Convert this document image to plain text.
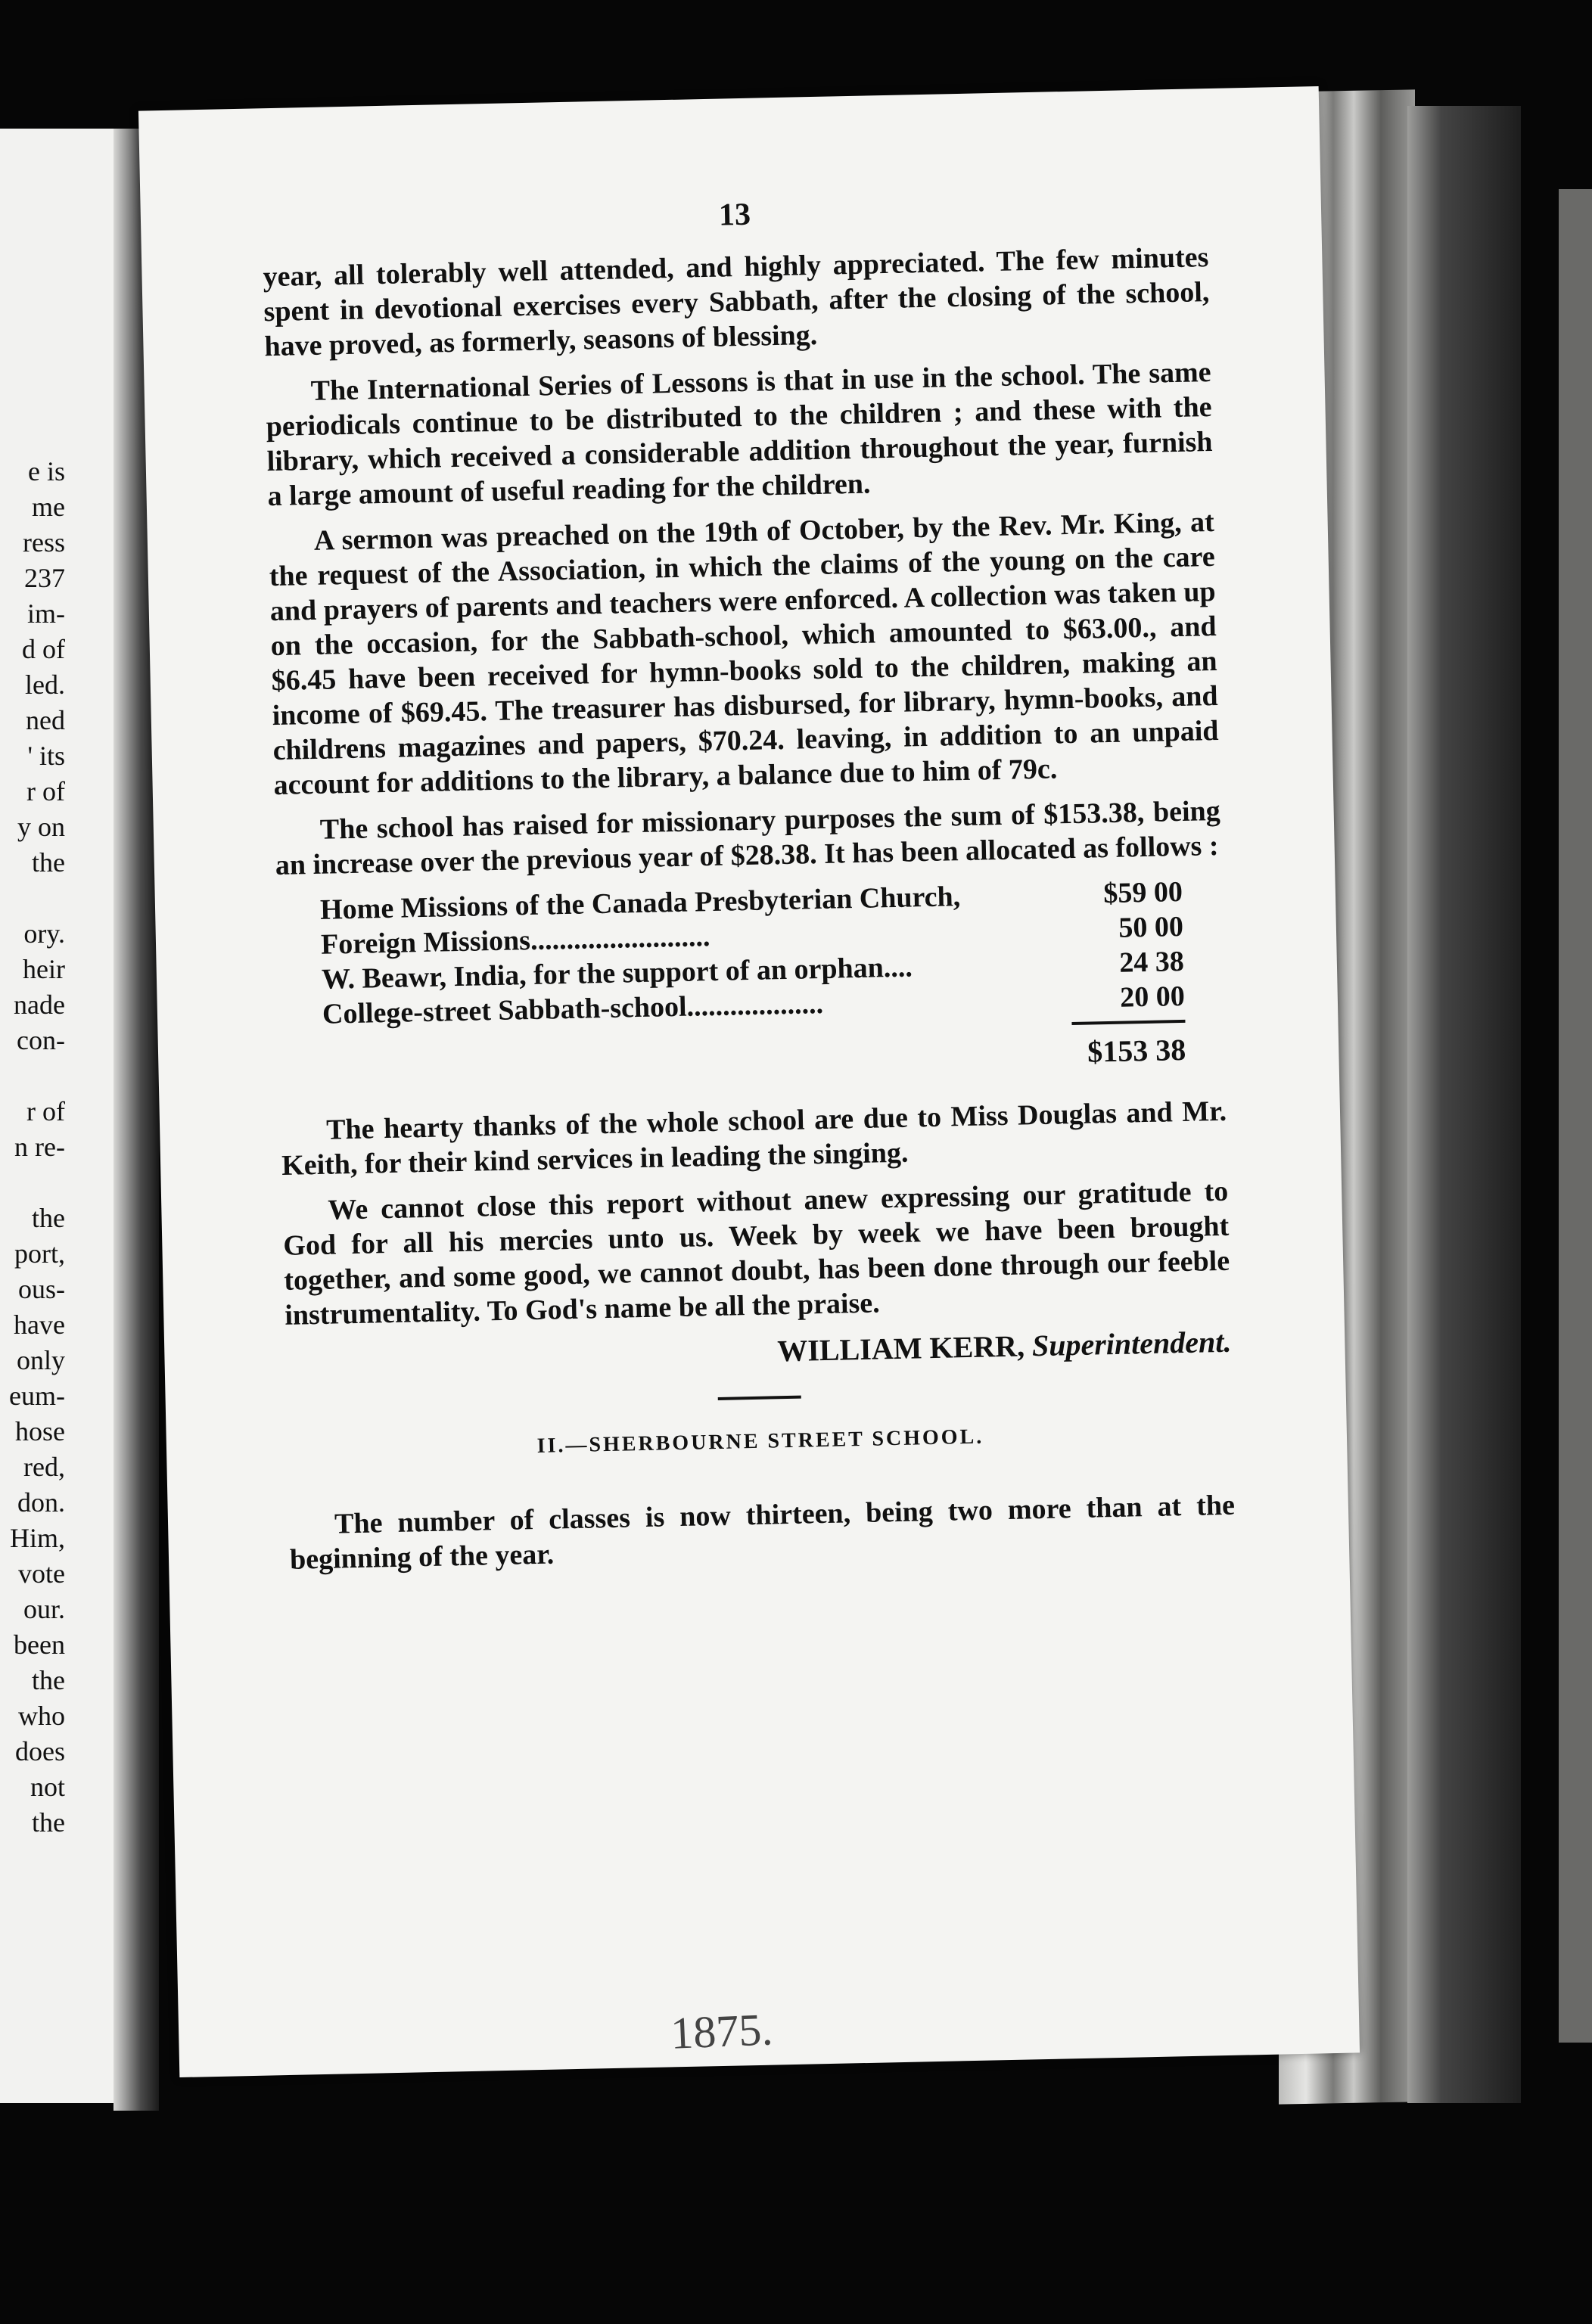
e is
me
ress
237
im-
d of
led.
ned
' its
r of
y on
the
ory.
heir
nade
con-
r of
n re-
the
port,
ous-
have
only
eum-
hose
red,
don.
Him,
vote
our.
been
the
who
does
not
the
13

year, all tolerably well attended, and highly appreciated. The few minutes spent in devotional exercises every Sabbath, after the closing of the school, have proved, as formerly, seasons of blessing.

The International Series of Lessons is that in use in the school. The same periodicals continue to be distributed to the children ; and these with the library, which received a considerable addition throughout the year, furnish a large amount of useful reading for the children.

A sermon was preached on the 19th of October, by the Rev. Mr. King, at the request of the Association, in which the claims of the young on the care and prayers of parents and teachers were enforced. A collection was taken up on the occasion, for the Sabbath-school, which amounted to $63.00., and $6.45 have been received for hymn-books sold to the children, making an income of $69.45. The treasurer has disbursed, for library, hymn-books, and childrens magazines and papers, $70.24. leaving, in addition to an unpaid account for additions to the library, a balance due to him of 79c.

The school has raised for missionary purposes the sum of $153.38, being an increase over the previous year of $28.38. It has been allocated as follows :

Home Missions of the Canada Presbyterian Church,	$59 00
Foreign Missions.........................	50 00
W. Beawr, India, for the support of an orphan....	24 38
College-street Sabbath-school...................	20 00
$153 38

The hearty thanks of the whole school are due to Miss Douglas and Mr. Keith, for their kind services in leading the singing.

We cannot close this report without anew expressing our gratitude to God for all his mercies unto us. Week by week we have been brought together, and some good, we cannot doubt, has been done through our feeble instrumentality. To God's name be all the praise.

WILLIAM KERR, Superintendent.
II.—SHERBOURNE STREET SCHOOL.

The number of classes is now thirteen, being two more than at the beginning of the year.

1875.
